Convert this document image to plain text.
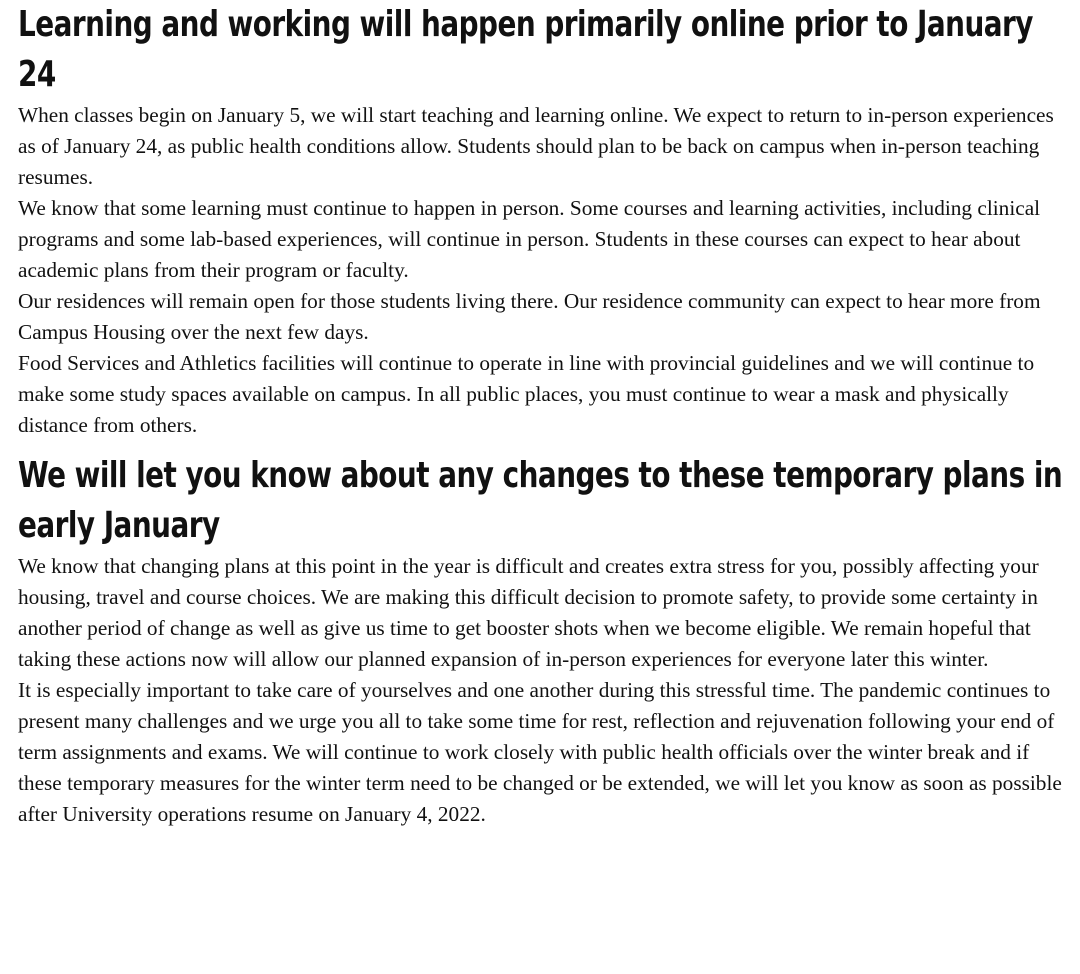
Learning and working will happen primarily online prior to January 24

When classes begin on January 5, we will start teaching and learning online. We expect to return to in-person experiences as of January 24, as public health conditions allow. Students should plan to be back on campus when in-person teaching resumes.

We know that some learning must continue to happen in person. Some courses and learning activities, including clinical programs and some lab-based experiences, will continue in person. Students in these courses can expect to hear about academic plans from their program or faculty.

Our residences will remain open for those students living there. Our residence community can expect to hear more from Campus Housing over the next few days.

Food Services and Athletics facilities will continue to operate in line with provincial guidelines and we will continue to make some study spaces available on campus. In all public places, you must continue to wear a mask and physically distance from others.

We will let you know about any changes to these temporary plans in early January

We know that changing plans at this point in the year is difficult and creates extra stress for you, possibly affecting your housing, travel and course choices. We are making this difficult decision to promote safety, to provide some certainty in another period of change as well as give us time to get booster shots when we become eligible. We remain hopeful that taking these actions now will allow our planned expansion of in-person experiences for everyone later this winter.

It is especially important to take care of yourselves and one another during this stressful time. The pandemic continues to present many challenges and we urge you all to take some time for rest, reflection and rejuvenation following your end of term assignments and exams. We will continue to work closely with public health officials over the winter break and if these temporary measures for the winter term need to be changed or be extended, we will let you know as soon as possible after University operations resume on January 4, 2022.
